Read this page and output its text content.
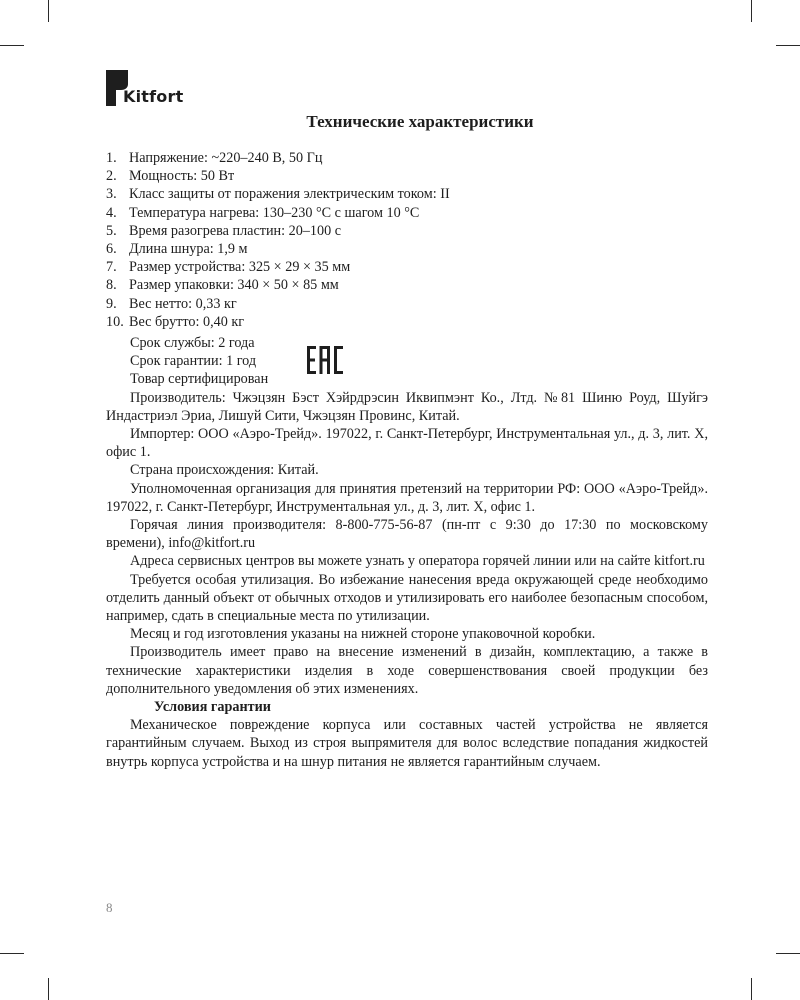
Kitfort
Технические характеристики
1. Напряжение: ~220–240 В, 50 Гц
2. Мощность: 50 Вт
3. Класс защиты от поражения электрическим током: II
4. Температура нагрева: 130–230 °С с шагом 10 °С
5. Время разогрева пластин: 20–100 с
6. Длина шнура: 1,9 м
7. Размер устройства: 325 × 29 × 35 мм
8. Размер упаковки: 340 × 50 × 85 мм
9. Вес нетто: 0,33 кг
10. Вес брутто: 0,40 кг

Срок службы: 2 года

Срок гарантии: 1 год

Товар сертифицирован

Производитель: Чжэцзян Бэст Хэйрдрэсин Иквипмэнт Ко., Лтд. №81 Шиню Роуд, Шуйгэ Индастриэл Эриа, Лишуй Сити, Чжэцзян Провинс, Китай.

Импортер: ООО «Аэро-Трейд». 197022, г. Санкт-Петербург, Инструментальная ул., д. 3, лит. Х, офис 1.

Страна происхождения: Китай.

Уполномоченная организация для принятия претензий на территории РФ: ООО «Аэро-Трейд». 197022, г. Санкт-Петербург, Инструментальная ул., д. 3, лит. Х, офис 1.

Горячая линия производителя: 8-800-775-56-87 (пн-пт с 9:30 до 17:30 по московскому времени), info@kitfort.ru

Адреса сервисных центров вы можете узнать у оператора горячей линии или на сайте kitfort.ru

Требуется особая утилизация. Во избежание нанесения вреда окружающей среде необходимо отделить данный объект от обычных отходов и утилизировать его наиболее безопасным способом, например, сдать в специальные места по утилизации.

Месяц и год изготовления указаны на нижней стороне упаковочной коробки.

Производитель имеет право на внесение изменений в дизайн, комплектацию, а также в технические характеристики изделия в ходе совершенствования своей продукции без дополнительного уведомления об этих изменениях.

Условия гарантии

Механическое повреждение корпуса или составных частей устройства не является гарантийным случаем. Выход из строя выпрямителя для волос вследствие попадания жидкостей внутрь корпуса устройства и на шнур питания не является гарантийным случаем.

8
